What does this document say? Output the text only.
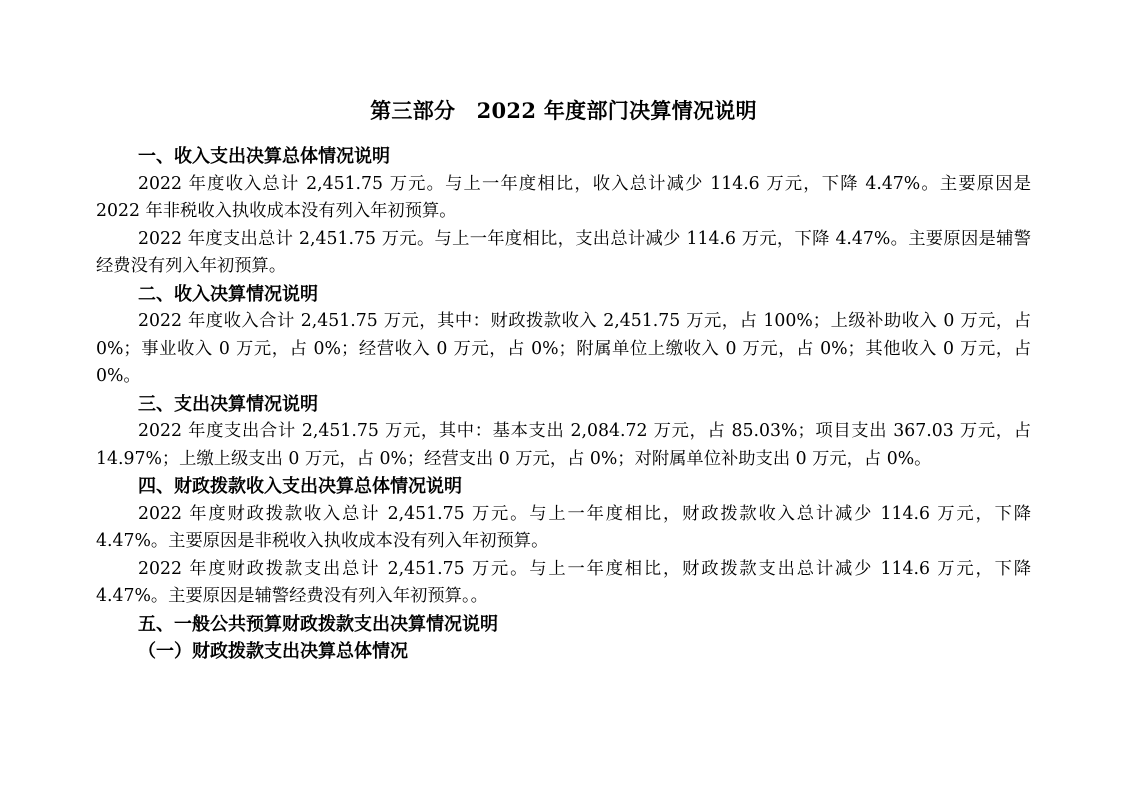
第三部分　2022 年度部门决算情况说明
一、收入支出决算总体情况说明

2022 年度收入总计 2,451.75 万元。与上一年度相比，收入总计减少 114.6 万元，下降 4.47%。主要原因是 2022 年非税收入执收成本没有列入年初预算。

2022 年度支出总计 2,451.75 万元。与上一年度相比，支出总计减少 114.6 万元，下降 4.47%。主要原因是辅警经费没有列入年初预算。

二、收入决算情况说明

2022 年度收入合计 2,451.75 万元，其中：财政拨款收入 2,451.75 万元，占 100%；上级补助收入 0 万元，占 0%；事业收入 0 万元，占 0%；经营收入 0 万元，占 0%；附属单位上缴收入 0 万元，占 0%；其他收入 0 万元，占 0%。

三、支出决算情况说明

2022 年度支出合计 2,451.75 万元，其中：基本支出 2,084.72 万元，占 85.03%；项目支出 367.03 万元，占 14.97%；上缴上级支出 0 万元，占 0%；经营支出 0 万元，占 0%；对附属单位补助支出 0 万元，占 0%。

四、财政拨款收入支出决算总体情况说明

2022 年度财政拨款收入总计 2,451.75 万元。与上一年度相比，财政拨款收入总计减少 114.6 万元，下降 4.47%。主要原因是非税收入执收成本没有列入年初预算。

2022 年度财政拨款支出总计 2,451.75 万元。与上一年度相比，财政拨款支出总计减少 114.6 万元，下降 4.47%。主要原因是辅警经费没有列入年初预算。。

五、一般公共预算财政拨款支出决算情况说明
（一）财政拨款支出决算总体情况
